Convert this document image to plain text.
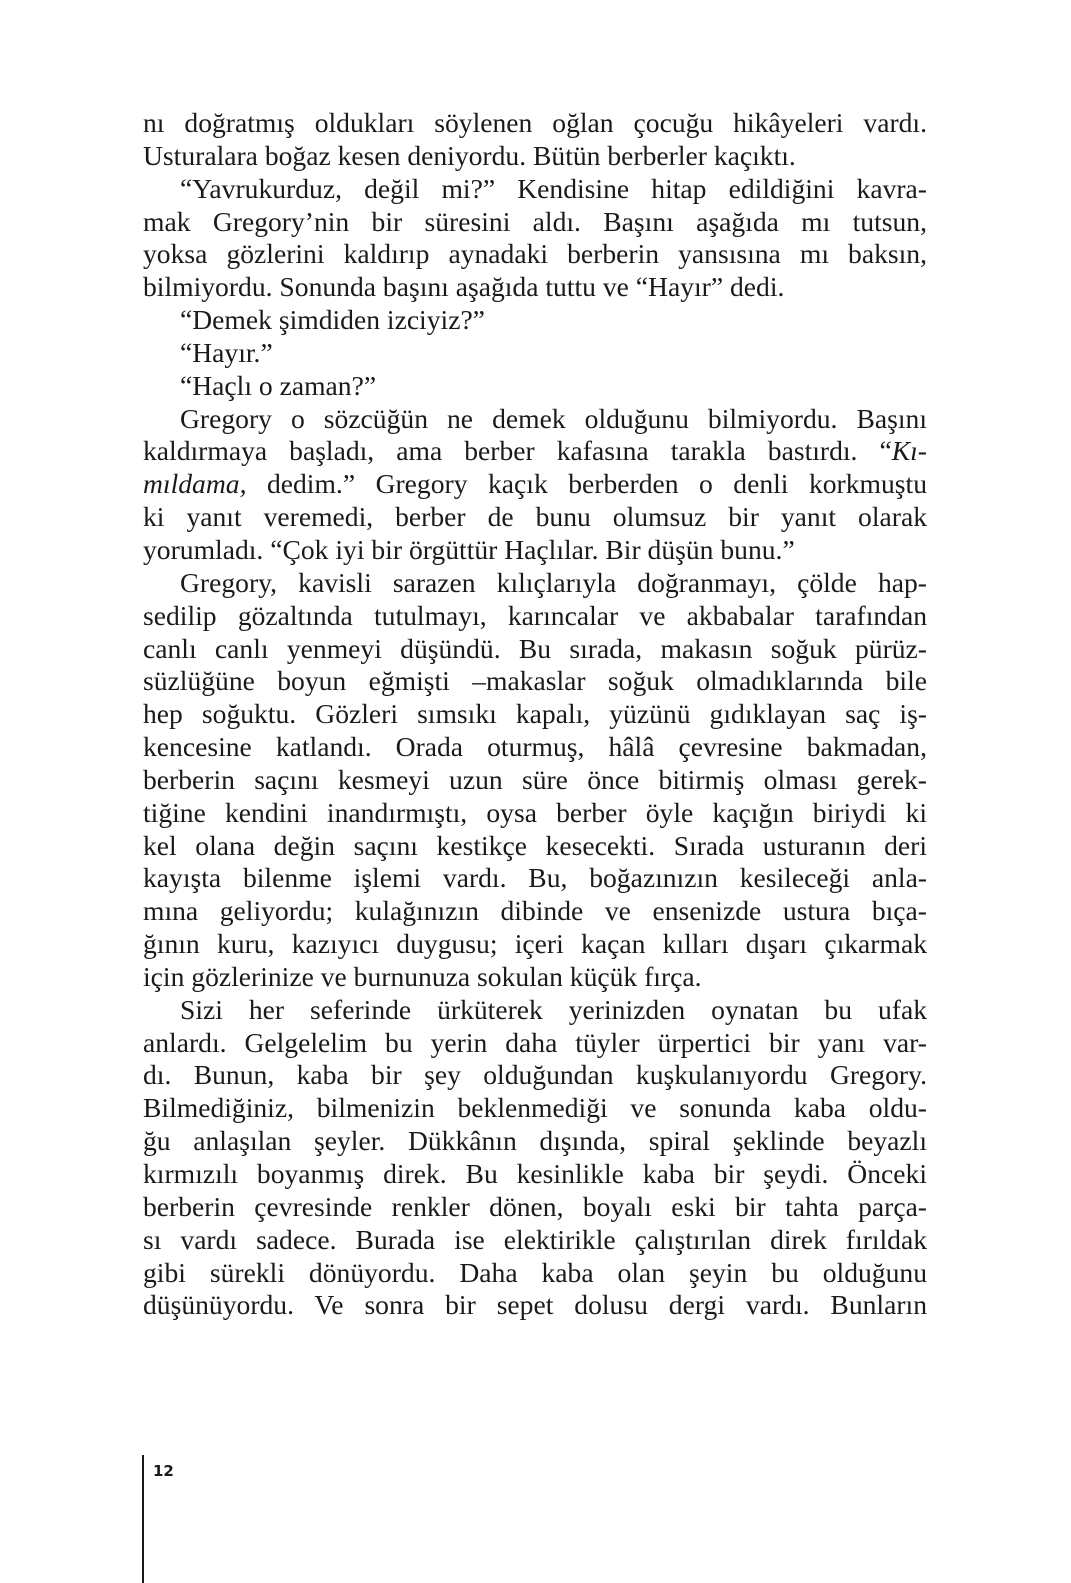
nı doğratmış oldukları söylenen oğlan çocuğu hikâyeleri vardı.
Usturalara boğaz kesen deniyordu. Bütün berberler kaçıktı.
“Yavrukurduz, değil mi?” Kendisine hitap edildiğini kavra-
mak Gregory’nin bir süresini aldı. Başını aşağıda mı tutsun,
yoksa gözlerini kaldırıp aynadaki berberin yansısına mı baksın,
bilmiyordu. Sonunda başını aşağıda tuttu ve “Hayır” dedi.
“Demek şimdiden izciyiz?”
“Hayır.”
“Haçlı o zaman?”
Gregory o sözcüğün ne demek olduğunu bilmiyordu. Başını
kaldırmaya başladı, ama berber kafasına tarakla bastırdı. “Kı-
mıldama, dedim.” Gregory kaçık berberden o denli korkmuştu
ki yanıt veremedi, berber de bunu olumsuz bir yanıt olarak
yorumladı. “Çok iyi bir örgüttür Haçlılar. Bir düşün bunu.”
Gregory, kavisli sarazen kılıçlarıyla doğranmayı, çölde hap-
sedilip gözaltında tutulmayı, karıncalar ve akbabalar tarafından
canlı canlı yenmeyi düşündü. Bu sırada, makasın soğuk pürüz-
süzlüğüne boyun eğmişti –makaslar soğuk olmadıklarında bile
hep soğuktu. Gözleri sımsıkı kapalı, yüzünü gıdıklayan saç iş-
kencesine katlandı. Orada oturmuş, hâlâ çevresine bakmadan,
berberin saçını kesmeyi uzun süre önce bitirmiş olması gerek-
tiğine kendini inandırmıştı, oysa berber öyle kaçığın biriydi ki
kel olana değin saçını kestikçe kesecekti. Sırada usturanın deri
kayışta bilenme işlemi vardı. Bu, boğazınızın kesileceği anla-
mına geliyordu; kulağınızın dibinde ve ensenizde ustura bıça-
ğının kuru, kazıyıcı duygusu; içeri kaçan kılları dışarı çıkarmak
için gözlerinize ve burnunuza sokulan küçük fırça.
Sizi her seferinde ürküterek yerinizden oynatan bu ufak
anlardı. Gelgelelim bu yerin daha tüyler ürpertici bir yanı var-
dı. Bunun, kaba bir şey olduğundan kuşkulanıyordu Gregory.
Bilmediğiniz, bilmenizin beklenmediği ve sonunda kaba oldu-
ğu anlaşılan şeyler. Dükkânın dışında, spiral şeklinde beyazlı
kırmızılı boyanmış direk. Bu kesinlikle kaba bir şeydi. Önceki
berberin çevresinde renkler dönen, boyalı eski bir tahta parça-
sı vardı sadece. Burada ise elektirikle çalıştırılan direk fırıldak
gibi sürekli dönüyordu. Daha kaba olan şeyin bu olduğunu
düşünüyordu. Ve sonra bir sepet dolusu dergi vardı. Bunların
12
